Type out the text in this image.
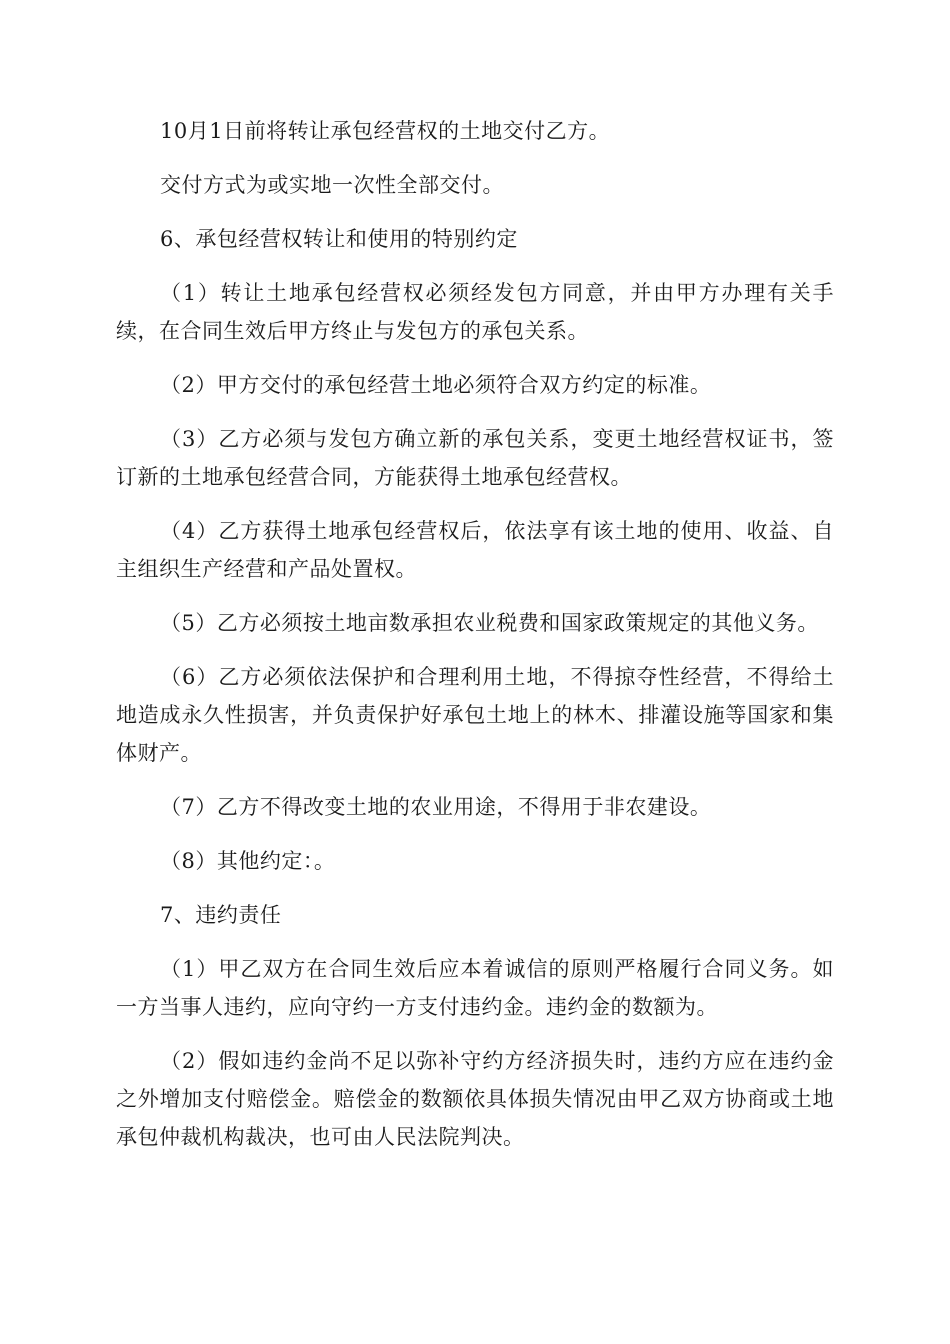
10月1日前将转让承包经营权的土地交付乙方。

交付方式为或实地一次性全部交付。

6、承包经营权转让和使用的特别约定

（1）转让土地承包经营权必须经发包方同意，并由甲方办理有关手续，在合同生效后甲方终止与发包方的承包关系。

（2）甲方交付的承包经营土地必须符合双方约定的标准。

（3）乙方必须与发包方确立新的承包关系，变更土地经营权证书，签订新的土地承包经营合同，方能获得土地承包经营权。

（4）乙方获得土地承包经营权后，依法享有该土地的使用、收益、自主组织生产经营和产品处置权。

（5）乙方必须按土地亩数承担农业税费和国家政策规定的其他义务。

（6）乙方必须依法保护和合理利用土地，不得掠夺性经营，不得给土地造成永久性损害，并负责保护好承包土地上的林木、排灌设施等国家和集体财产。

（7）乙方不得改变土地的农业用途，不得用于非农建设。

（8）其他约定：。

7、违约责任

（1）甲乙双方在合同生效后应本着诚信的原则严格履行合同义务。如一方当事人违约，应向守约一方支付违约金。违约金的数额为。

（2）假如违约金尚不足以弥补守约方经济损失时，违约方应在违约金之外增加支付赔偿金。赔偿金的数额依具体损失情况由甲乙双方协商或土地承包仲裁机构裁决，也可由人民法院判决。
